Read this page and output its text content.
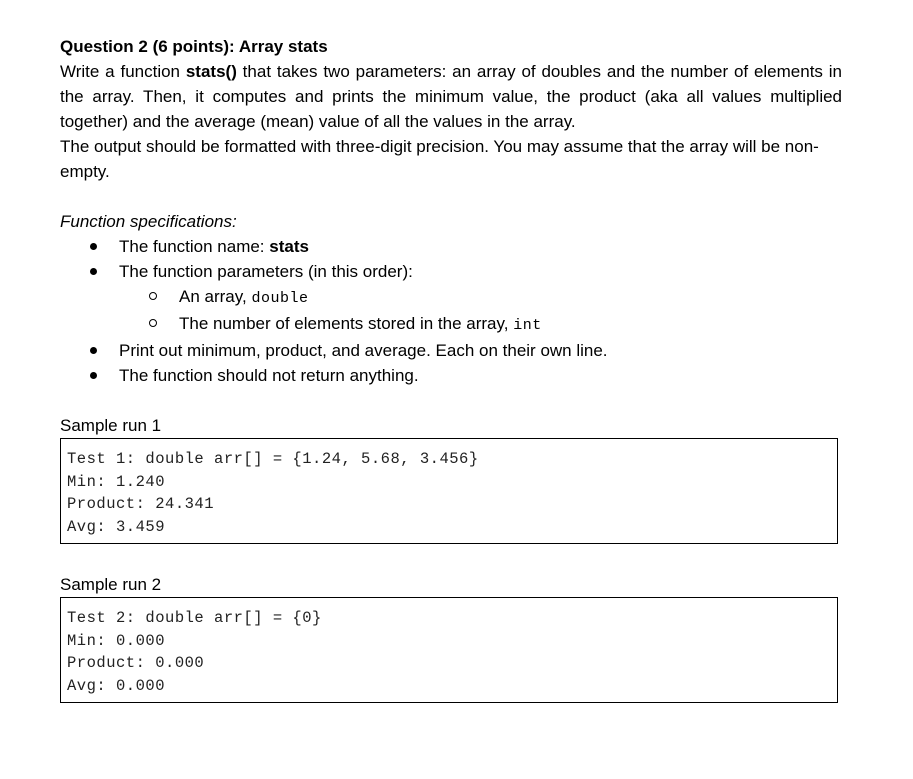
Question 2 (6 points): Array stats

Write a function stats() that takes two parameters: an array of doubles and the number of elements in the array. Then, it computes and prints the minimum value, the product (aka all values multiplied together) and the average (mean) value of all the values in the array.

The output should be formatted with three-digit precision. You may assume that the array will be non-empty.

Function specifications:
The function name: stats
The function parameters (in this order):
An array, double
The number of elements stored in the array, int
Print out minimum, product, and average. Each on their own line.
The function should not return anything.
Sample run 1
Test 1: double arr[] = {1.24, 5.68, 3.456}
Min: 1.240
Product: 24.341
Avg: 3.459
Sample run 2
Test 2: double arr[] = {0}
Min: 0.000
Product: 0.000
Avg: 0.000
